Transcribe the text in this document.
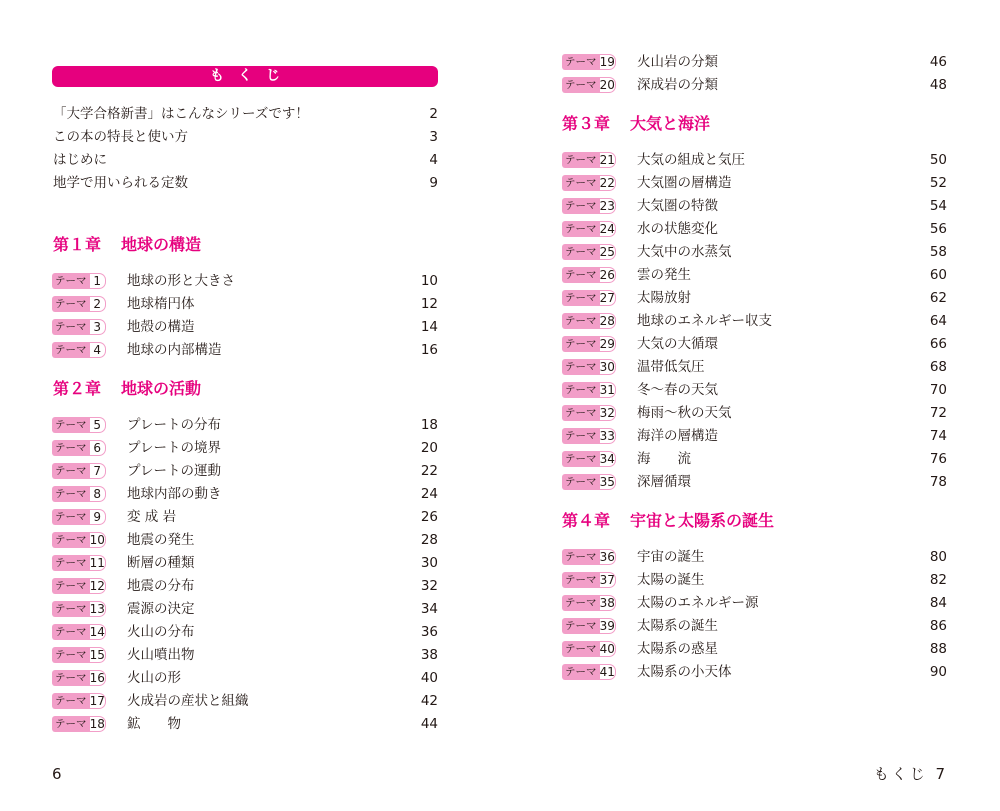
もくじ
「大学合格新書」はこんなシリーズです！	2
この本の特長と使い方	3
はじめに	4
地学で用いられる定数	9
第１章 地球の構造
テーマ 1	地球の形と大きさ	10
テーマ 2	地球楕円体	12
テーマ 3	地殻の構造	14
テーマ 4	地球の内部構造	16
第２章 地球の活動
テーマ 5	プレートの分布	18
テーマ 6	プレートの境界	20
テーマ 7	プレートの運動	22
テーマ 8	地球内部の動き	24
テーマ 9	変 成 岩	26
テーマ 10 地震の発生	28
テーマ 11 断層の種類	30
テーマ 12 地震の分布	32
テーマ 13 震源の決定	34
テーマ 14 火山の分布	36
テーマ 15 火山噴出物	38
テーマ 16 火山の形	40
テーマ 17 火成岩の産状と組織	42
テーマ 18 鉱　　物	44
6
テーマ 19 火山岩の分類	46
テーマ 20 深成岩の分類	48
第３章 大気と海洋
テーマ 21 大気の組成と気圧	50
テーマ 22 大気圏の層構造	52
テーマ 23 大気圏の特徴	54
テーマ 24 水の状態変化	56
テーマ 25 大気中の水蒸気	58
テーマ 26 雲の発生	60
テーマ 27 太陽放射	62
テーマ 28 地球のエネルギー収支	64
テーマ 29 大気の大循環	66
テーマ 30 温帯低気圧	68
テーマ 31 冬～春の天気	70
テーマ 32 梅雨～秋の天気	72
テーマ 33 海洋の層構造	74
テーマ 34 海　　流	76
テーマ 35 深層循環	78
第４章 宇宙と太陽系の誕生
テーマ 36 宇宙の誕生	80
テーマ 37 太陽の誕生	82
テーマ 38 太陽のエネルギー源	84
テーマ 39 太陽系の誕生	86
テーマ 40 太陽系の惑星	88
テーマ 41 太陽系の小天体	90
もくじ 7
